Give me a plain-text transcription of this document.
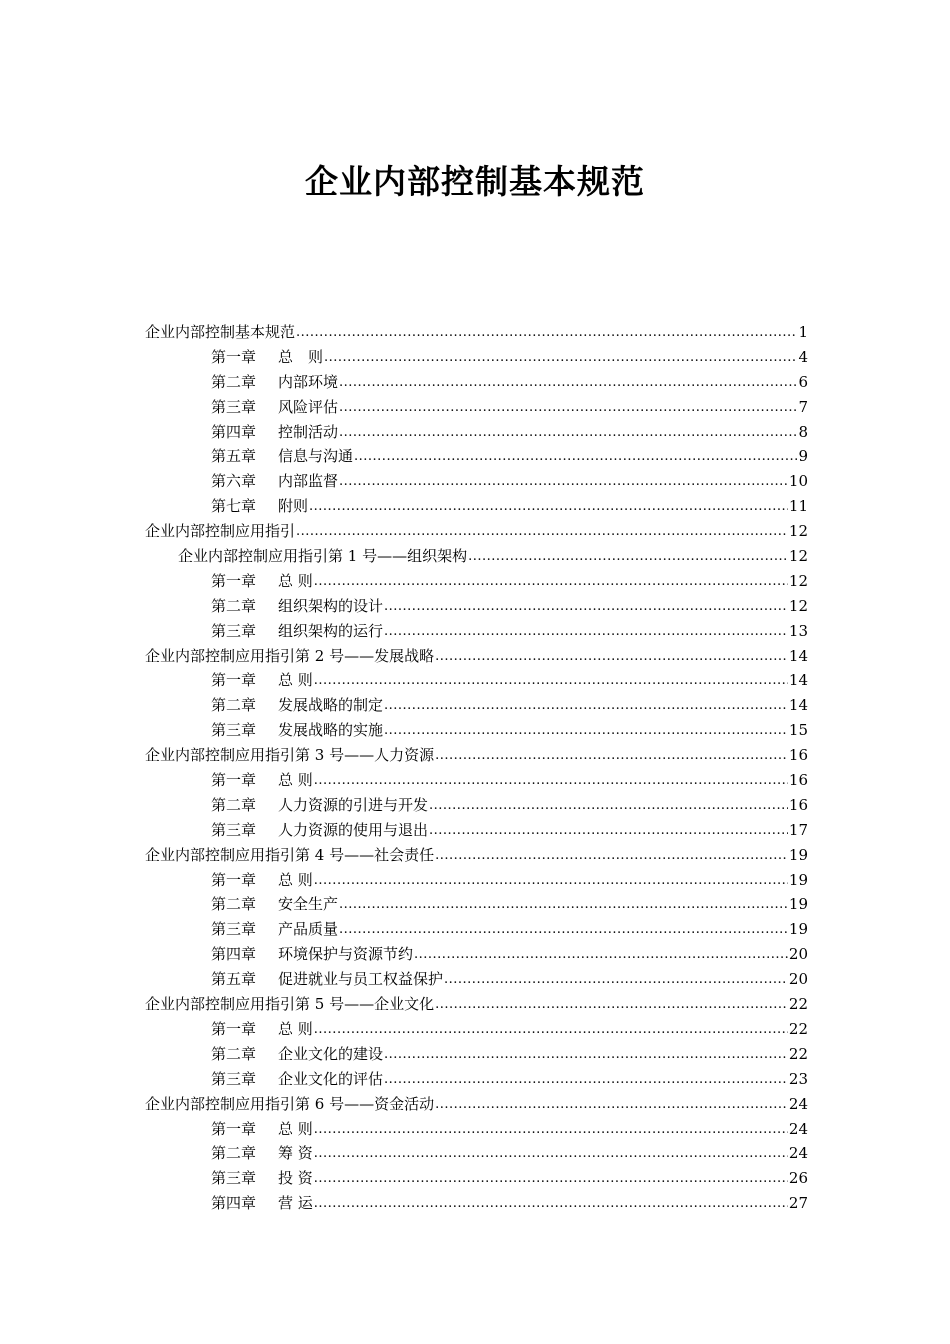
企业内部控制基本规范
企业内部控制基本规范 .....	1
第一章	总　则 .....	4
第二章	内部环境 .....	6
第三章	风险评估 .....	7
第四章	控制活动 .....	8
第五章	信息与沟通 .....	9
第六章	内部监督 .....	10
第七章	附则 .....	11
企业内部控制应用指引 .....	12
企业内部控制应用指引第 1 号——组织架构 .....	12
第一章	总 则 .....	12
第二章	组织架构的设计 .....	12
第三章	组织架构的运行 .....	13
企业内部控制应用指引第 2 号——发展战略 .....	14
第一章	总 则 .....	14
第二章	发展战略的制定 .....	14
第三章	发展战略的实施 .....	15
企业内部控制应用指引第 3 号——人力资源 .....	16
第一章	总 则 .....	16
第二章	人力资源的引进与开发 .....	16
第三章	人力资源的使用与退出 .....	17
企业内部控制应用指引第 4 号——社会责任 .....	19
第一章	总 则 .....	19
第二章	安全生产 .....	19
第三章	产品质量 .....	19
第四章	环境保护与资源节约 .....	20
第五章	促进就业与员工权益保护 .....	20
企业内部控制应用指引第 5 号——企业文化 .....	22
第一章	总 则 .....	22
第二章	企业文化的建设 .....	22
第三章	企业文化的评估 .....	23
企业内部控制应用指引第 6 号——资金活动 .....	24
第一章	总 则 .....	24
第二章	筹 资 .....	24
第三章	投 资 .....	26
第四章	营 运 .....	27
